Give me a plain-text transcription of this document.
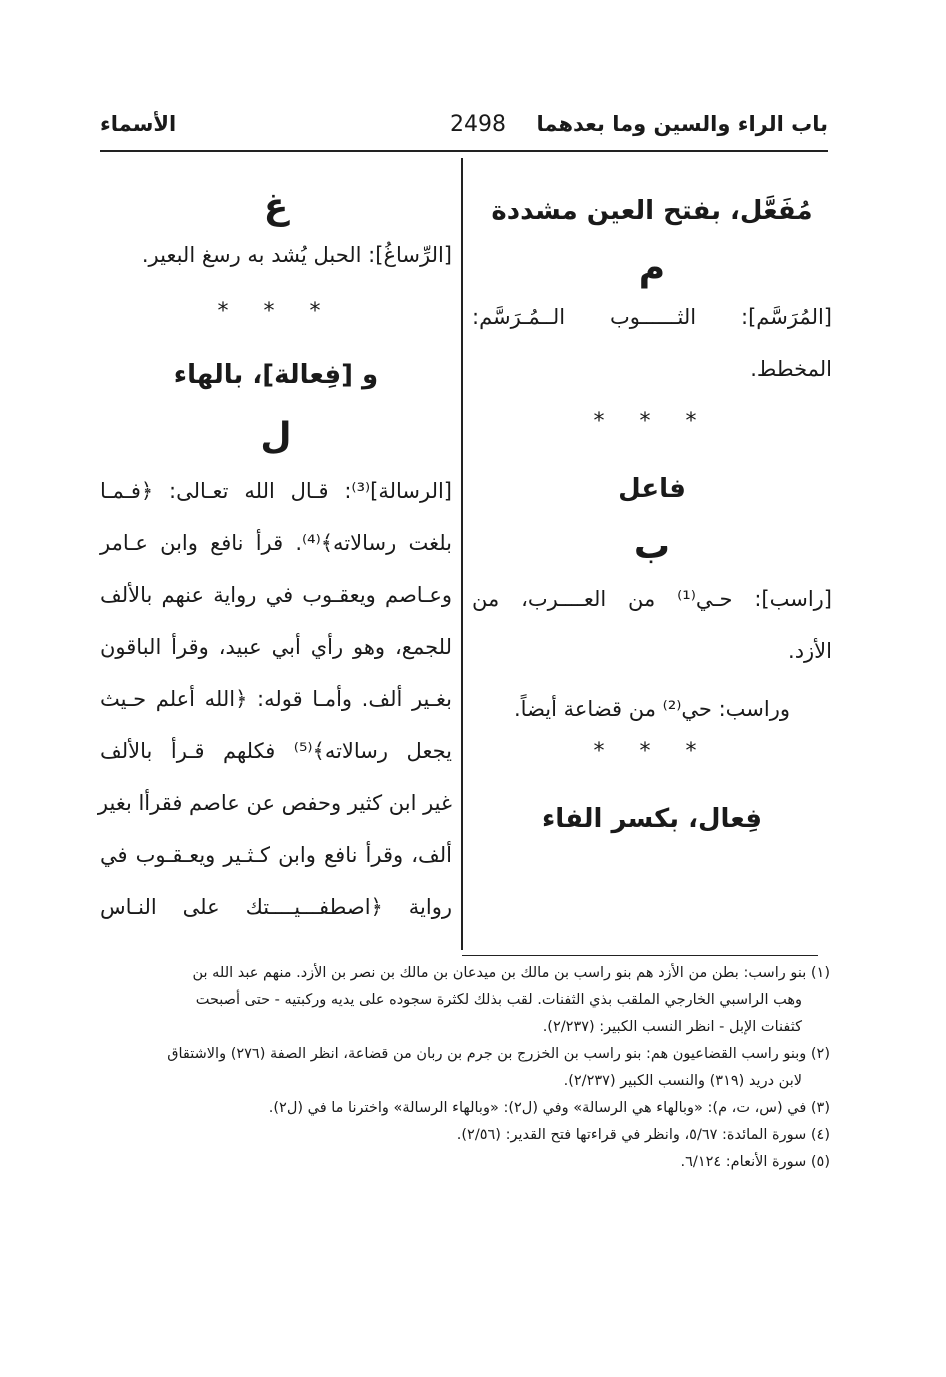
باب الراء والسين وما بعدهما
2498
الأسماء
مُفَعَّل، بفتح العين مشددة
م
[المُرَسَّم]: الثــــــوب الــمُـرَسَّم:
المخطط.
* * *
فاعل
ب
[راسب]: حـي⁽¹⁾ من العــــرب، من
الأزد.
وراسب: حي⁽²⁾ من قضاعة أيضاً.
* * *
فِعال، بكسر الفاء
غ
[الرِّساغُ]: الحبل يُشد به رسغ البعير.
* * *
و [فِعالة]، بالهاء
ل
[الرسالة]⁽³⁾: قـال الله تعـالى: ﴿فـمـا
بلغت رسالاته﴾⁽⁴⁾. قرأ نافع وابن عـامر
وعـاصم ويعقـوب في رواية عنهم بالألف
للجمع، وهو رأي أبي عبيد، وقرأ الباقون
بغـير ألف. وأمـا قوله: ﴿الله أعلم حـيث
يجعل رسالاته﴾⁽⁵⁾ فكلهم قـرأ بالألف
غير ابن كثير وحفص عن عاصم فقرأا بغير
ألف، وقرأ نافع وابن كـثـير ويعـقـوب في
رواية ﴿اصطفـــيــــتك على النـاس
(١) بنو راسب: بطن من الأزد هم بنو راسب بن مالك بن ميدعان بن مالك بن نصر بن الأزد. منهم عبد الله بن
وهب الراسبي الخارجي الملقب بذي الثفنات. لقب بذلك لكثرة سجوده على يديه وركبتيه - حتى أصبحت
كثفنات الإبل - انظر النسب الكبير: (٢/٢٣٧).
(٢) وبنو راسب القضاعيون هم: بنو راسب بن الخزرج بن جرم بن ربان من قضاعة، انظر الصفة (٢٧٦) والاشتقاق
لابن دريد (٣١٩) والنسب الكبير (٢/٢٣٧).
(٣) في (س، ت، م): «وبالهاء هي الرسالة» وفي (ل٢): «وبالهاء الرسالة» واخترنا ما في (ل٢).
(٤) سورة المائدة: ٥/٦٧، وانظر في قراءتها فتح القدير: (٢/٥٦).
(٥) سورة الأنعام: ٦/١٢٤.
